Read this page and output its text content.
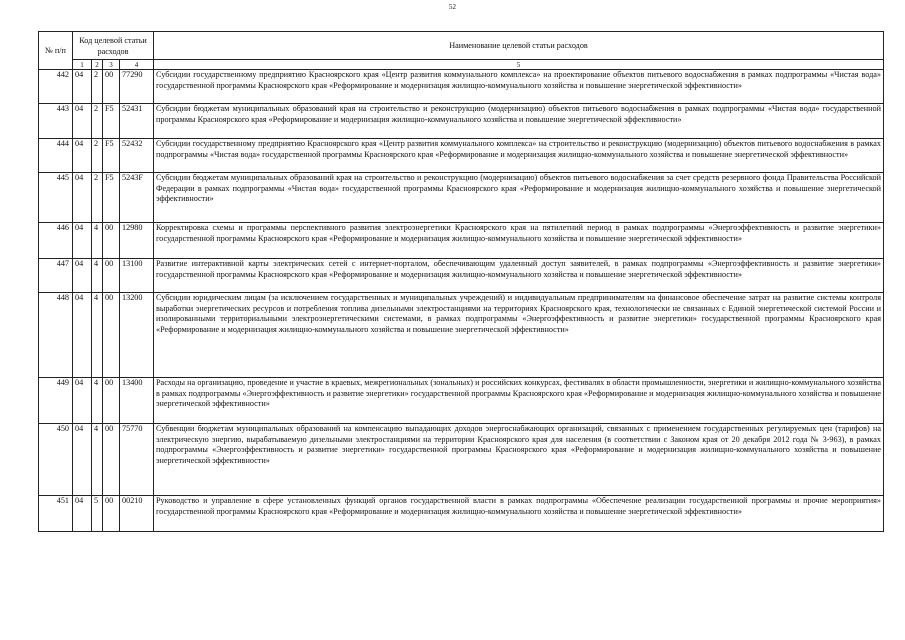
52
№ п/п	Код целевой статьи расходов				Наименование целевой статьи расходов
	1	2	3	4	5
442	04	2	00	77290	Субсидии государственному предприятию Красноярского края «Центр развития коммунального комплекса» на проектирование объектов питьевого водоснабжения в рамках подпрограммы «Чистая вода» государственной программы Красноярского края «Реформирование и модернизация жилищно-коммунального хозяйства и повышение энергетической эффективности»
443	04	2	F5	52431	Субсидии бюджетам муниципальных образований края на строительство и реконструкцию (модернизацию) объектов питьевого водоснабжения в рамках подпрограммы «Чистая вода» государственной программы Красноярского края «Реформирование и модернизация жилищно-коммунального хозяйства и повышение энергетической эффективности»
444	04	2	F5	52432	Субсидии государственному предприятию Красноярского края «Центр развития коммунального комплекса» на строительство и реконструкцию (модернизацию) объектов питьевого водоснабжения в рамках подпрограммы «Чистая вода» государственной программы Красноярского края «Реформирование и модернизация жилищно-коммунального хозяйства и повышение энергетической эффективности»
445	04	2	F5	5243F	Субсидии бюджетам муниципальных образований края на строительство и реконструкцию (модернизацию) объектов питьевого водоснабжения за счет средств резервного фонда Правительства Российской Федерации в рамках подпрограммы «Чистая вода» государственной программы Красноярского края «Реформирование и модернизация жилищно-коммунального хозяйства и повышение энергетической эффективности»
446	04	4	00	12980	Корректировка схемы и программы перспективного развития электроэнергетики Красноярского края на пятилетний период в рамках подпрограммы «Энергоэффективность и развитие энергетики» государственной программы Красноярского края «Реформирование и модернизация жилищно-коммунального хозяйства и повышение энергетической эффективности»
447	04	4	00	13100	Развитие интерактивной карты электрических сетей с интернет-порталом, обеспечивающим удаленный доступ заявителей, в рамках подпрограммы «Энергоэффективность и развитие энергетики» государственной программы Красноярского края «Реформирование и модернизация жилищно-коммунального хозяйства и повышение энергетической эффективности»
448	04	4	00	13200	Субсидии юридическим лицам (за исключением государственных и муниципальных учреждений) и индивидуальным предпринимателям на финансовое обеспечение затрат на развитие системы контроля выработки энергетических ресурсов и потребления топлива дизельными электростанциями на территориях Красноярского края, технологически не связанных с Единой энергетической системой России и изолированными территориальными электроэнергетическими системами, в рамках подпрограммы «Энергоэффективность и развитие энергетики» государственной программы Красноярского края «Реформирование и модернизация жилищно-коммунального хозяйства и повышение энергетической эффективности»
449	04	4	00	13400	Расходы на организацию, проведение и участие в краевых, межрегиональных (зональных) и российских конкурсах, фестивалях в области промышленности, энергетики и жилищно-коммунального хозяйства в рамках подпрограммы «Энергоэффективность и развитие энергетики» государственной программы Красноярского края «Реформирование и модернизация жилищно-коммунального хозяйства и повышение энергетической эффективности»
450	04	4	00	75770	Субвенции бюджетам муниципальных образований на компенсацию выпадающих доходов энергоснабжающих организаций, связанных с применением государственных регулируемых цен (тарифов) на электрическую энергию, вырабатываемую дизельными электростанциями на территории Красноярского края для населения (в соответствии с Законом края от 20 декабря 2012 года № 3-963), в рамках подпрограммы «Энергоэффективность и развитие энергетики» государственной программы Красноярского края «Реформирование и модернизация жилищно-коммунального хозяйства и повышение энергетической эффективности»
451	04	5	00	00210	Руководство и управление в сфере установленных функций органов государственной власти в рамках подпрограммы «Обеспечение реализации государственной программы и прочие мероприятия» государственной программы Красноярского края «Реформирование и модернизация жилищно-коммунального хозяйства и повышение энергетической эффективности»
